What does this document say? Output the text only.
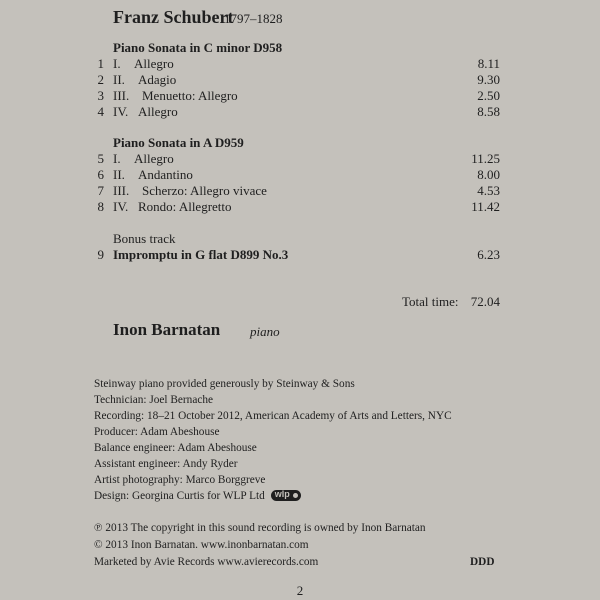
Franz Schubert
1797–1828
Piano Sonata in C minor D958
1 I. Allegro	8.11
2 II. Adagio	9.30
3 III. Menuetto: Allegro	2.50
4 IV. Allegro	8.58
Piano Sonata in A D959
5 I. Allegro	11.25
6 II. Andantino	8.00
7 III. Scherzo: Allegro vivace	4.53
8 IV. Rondo: Allegretto	11.42
Bonus track
9 Impromptu in G flat D899 No.3	6.23
Total time: 72.04
Inon Barnatan piano
Steinway piano provided generously by Steinway & Sons
Technician: Joel Bernache
Recording: 18–21 October 2012, American Academy of Arts and Letters, NYC
Producer: Adam Abeshouse
Balance engineer: Adam Abeshouse
Assistant engineer: Andy Ryder
Artist photography: Marco Borggreve
Design: Georgina Curtis for WLP Ltd wlp
℗ 2013 The copyright in this sound recording is owned by Inon Barnatan
© 2013 Inon Barnatan. www.inonbarnatan.com
Marketed by Avie Records www.avierecords.com	DDD
2
